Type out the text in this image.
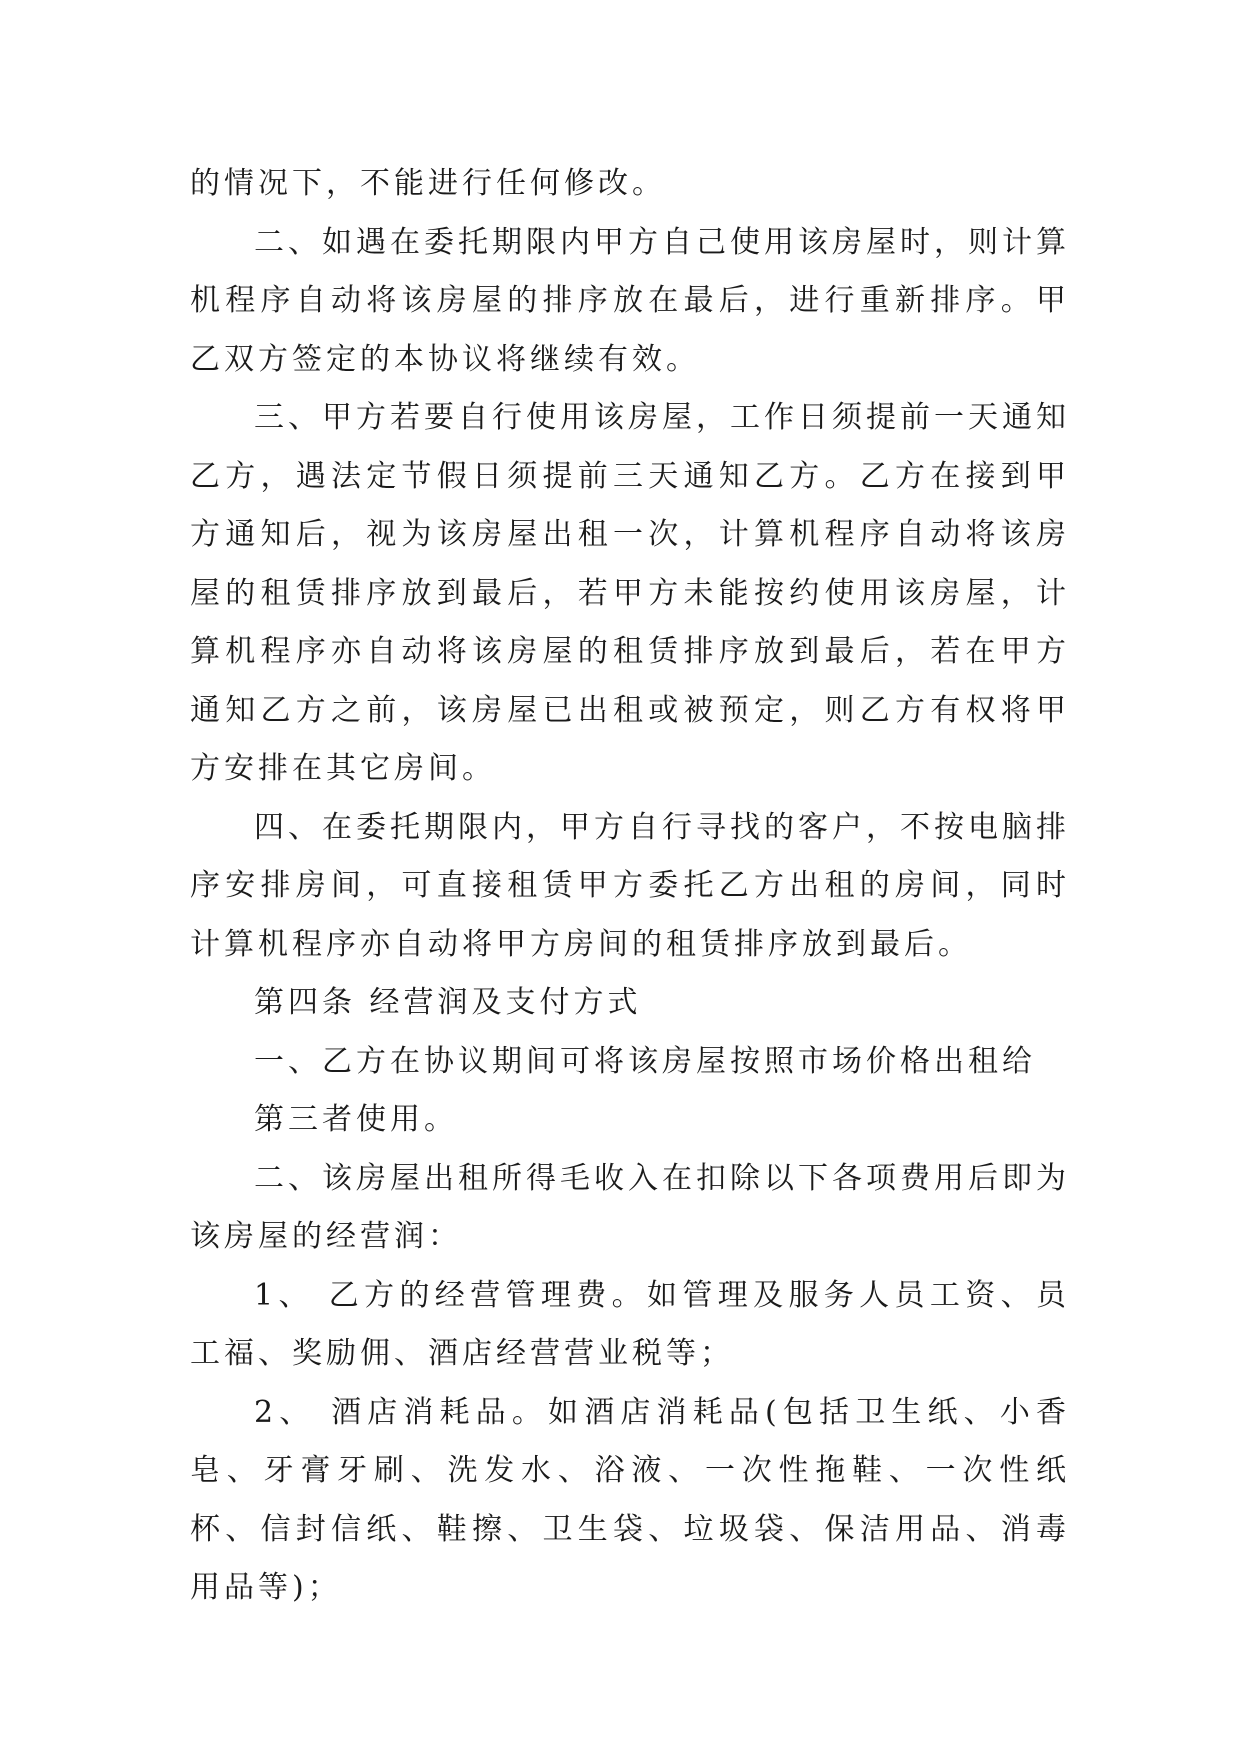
的情况下，不能进行任何修改。

二、如遇在委托期限内甲方自己使用该房屋时，则计算机程序自动将该房屋的排序放在最后，进行重新排序。甲乙双方签定的本协议将继续有效。

三、甲方若要自行使用该房屋，工作日须提前一天通知乙方，遇法定节假日须提前三天通知乙方。乙方在接到甲方通知后，视为该房屋出租一次，计算机程序自动将该房屋的租赁排序放到最后，若甲方未能按约使用该房屋，计算机程序亦自动将该房屋的租赁排序放到最后，若在甲方通知乙方之前，该房屋已出租或被预定，则乙方有权将甲方安排在其它房间。

四、在委托期限内，甲方自行寻找的客户，不按电脑排序安排房间，可直接租赁甲方委托乙方出租的房间，同时计算机程序亦自动将甲方房间的租赁排序放到最后。

第四条 经营润及支付方式

一、乙方在协议期间可将该房屋按照市场价格出租给

第三者使用。

二、该房屋出租所得毛收入在扣除以下各项费用后即为该房屋的经营润：

1、 乙方的经营管理费。如管理及服务人员工资、员工福、奖励佣、酒店经营营业税等；

2、 酒店消耗品。如酒店消耗品(包括卫生纸、小香皂、牙膏牙刷、洗发水、浴液、一次性拖鞋、一次性纸杯、信封信纸、鞋擦、卫生袋、垃圾袋、保洁用品、消毒用品等)；
